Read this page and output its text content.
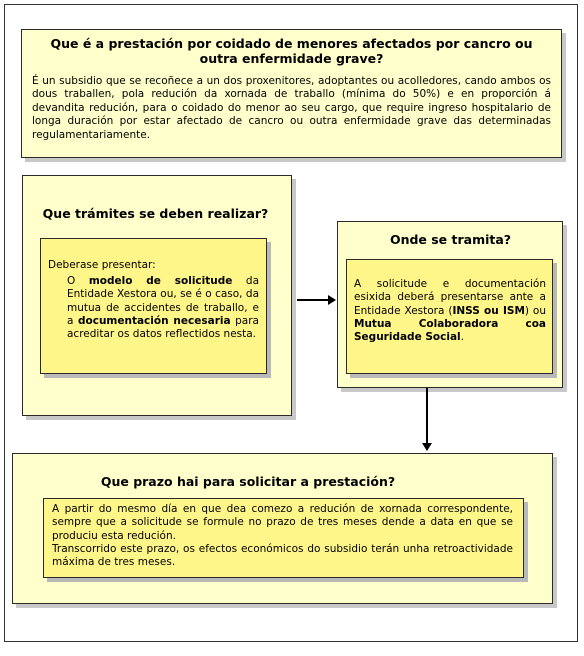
Que é a prestación por coidado de menores afectados por cancro ou outra enfermidade grave?
É un subsidio que se recoñece a un dos proxenitores, adoptantes ou acolledores, cando ambos os dous traballen, pola redución da xornada de traballo (mínima do 50%) e en proporción á devandita redución, para o coidado do menor ao seu cargo, que require ingreso hospitalario de longa duración por estar afectado de cancro ou outra enfermidade grave das determinadas regulamentariamente.
Que trámites se deben realizar?
Deberase presentar:
O modelo de solicitude da Entidade Xestora ou, se é o caso, da mutua de accidentes de traballo, e a documentación necesaria para acreditar os datos reflectidos nesta.
Onde se tramita?
A solicitude e documentación esixida deberá presentarse ante a Entidade Xestora (INSS ou ISM) ou Mutua Colaboradora coa Seguridade Social.
Que prazo hai para solicitar a prestación?
A partir do mesmo día en que dea comezo a redución de xornada correspondente, sempre que a solicitude se formule no prazo de tres meses dende a data en que se produciu esta redución.
Transcorrido este prazo, os efectos económicos do subsidio terán unha retroactividade máxima de tres meses.
